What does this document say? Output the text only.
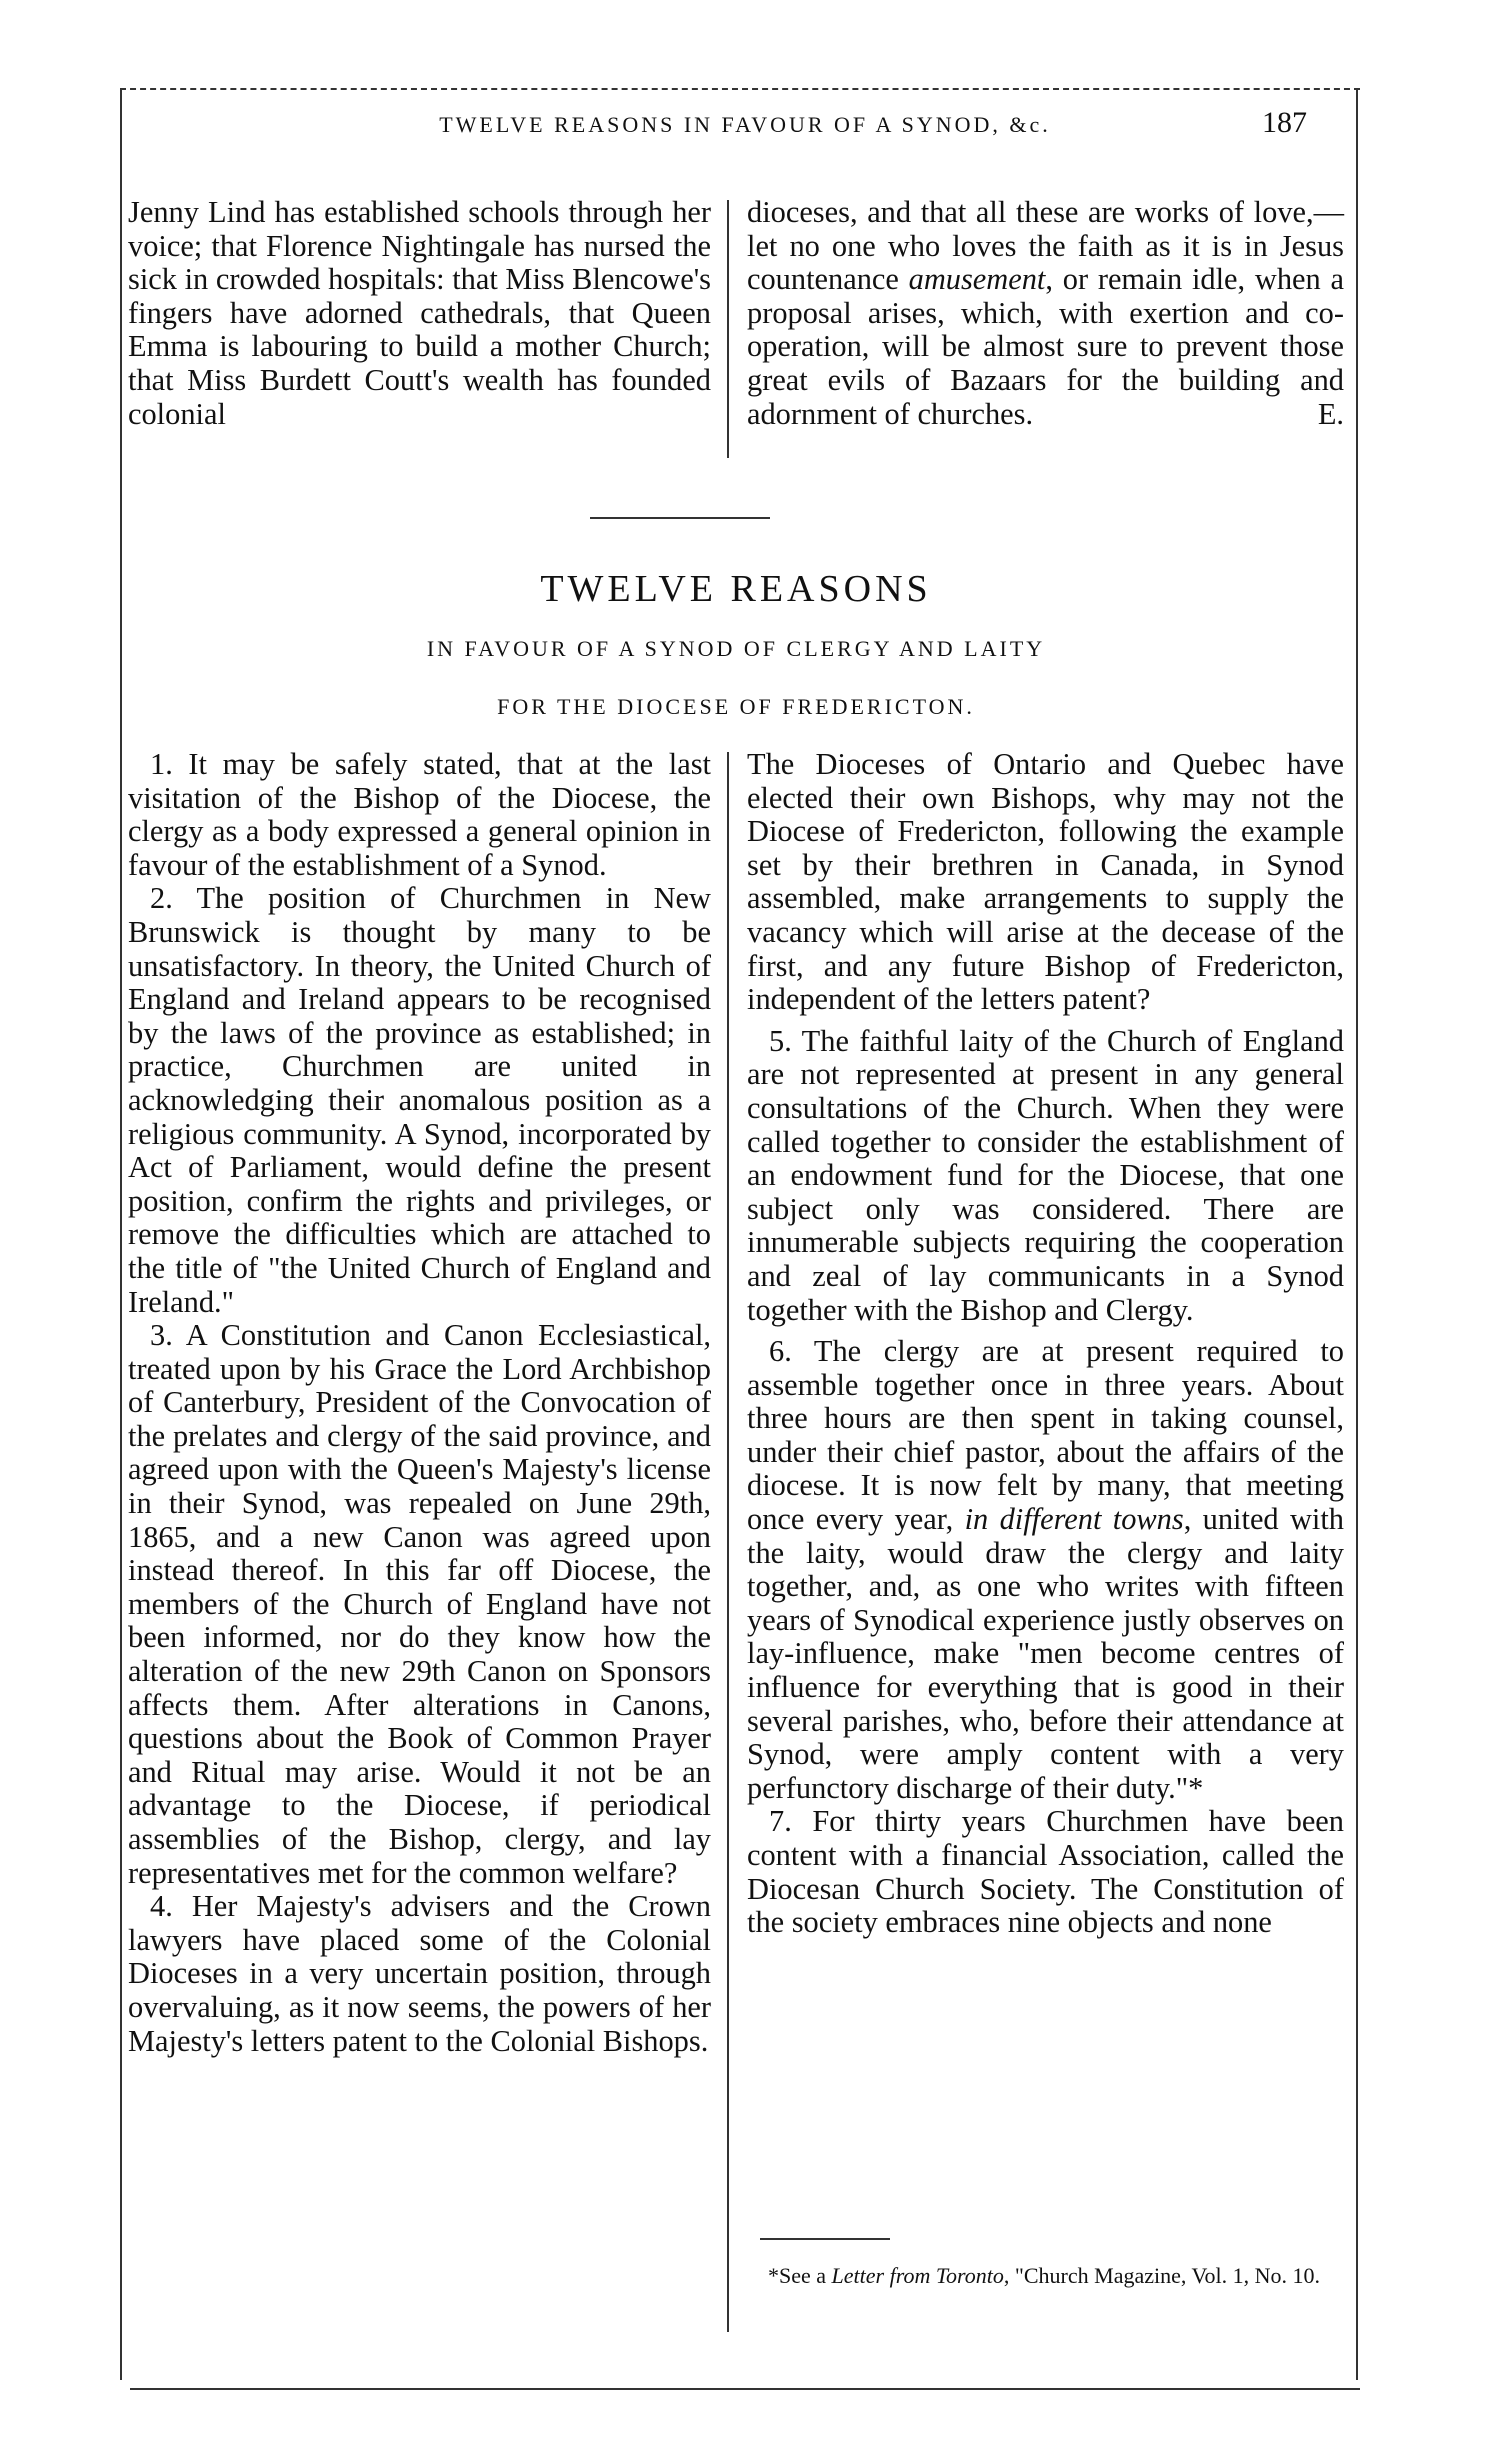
TWELVE REASONS IN FAVOUR OF A SYNOD, &c.	187

Jenny Lind has established schools through her voice; that Florence Nightingale has nursed the sick in crowded hospitals: that Miss Blencowe's fingers have adorned cathedrals, that Queen Emma is labouring to build a mother Church; that Miss Burdett Coutt's wealth has founded colonial

dioceses, and that all these are works of love,—let no one who loves the faith as it is in Jesus countenance amusement, or remain idle, when a proposal arises, which, with exertion and co-operation, will be almost sure to prevent those great evils of Bazaars for the building and adornment of churches.	E.

TWELVE REASONS
IN FAVOUR OF A SYNOD OF CLERGY AND LAITY
FOR THE DIOCESE OF FREDERICTON.

1. It may be safely stated, that at the last visitation of the Bishop of the Diocese, the clergy as a body expressed a general opinion in favour of the establishment of a Synod.

2. The position of Churchmen in New Brunswick is thought by many to be unsatisfactory. In theory, the United Church of England and Ireland appears to be recognised by the laws of the province as established; in practice, Churchmen are united in acknowledging their anomalous position as a religious community. A Synod, incorporated by Act of Parliament, would define the present position, confirm the rights and privileges, or remove the difficulties which are attached to the title of "the United Church of England and Ireland."

3. A Constitution and Canon Ecclesiastical, treated upon by his Grace the Lord Archbishop of Canterbury, President of the Convocation of the prelates and clergy of the said province, and agreed upon with the Queen's Majesty's license in their Synod, was repealed on June 29th, 1865, and a new Canon was agreed upon instead thereof. In this far off Diocese, the members of the Church of England have not been informed, nor do they know how the alteration of the new 29th Canon on Sponsors affects them. After alterations in Canons, questions about the Book of Common Prayer and Ritual may arise. Would it not be an advantage to the Diocese, if periodical assemblies of the Bishop, clergy, and lay representatives met for the common welfare?

4. Her Majesty's advisers and the Crown lawyers have placed some of the Colonial Dioceses in a very uncertain position, through overvaluing, as it now seems, the powers of her Majesty's letters patent to the Colonial Bishops.

The Dioceses of Ontario and Quebec have elected their own Bishops, why may not the Diocese of Fredericton, following the example set by their brethren in Canada, in Synod assembled, make arrangements to supply the vacancy which will arise at the decease of the first, and any future Bishop of Fredericton, independent of the letters patent?

5. The faithful laity of the Church of England are not represented at present in any general consultations of the Church. When they were called together to consider the establishment of an endowment fund for the Diocese, that one subject only was considered. There are innumerable subjects requiring the cooperation and zeal of lay communicants in a Synod together with the Bishop and Clergy.

6. The clergy are at present required to assemble together once in three years. About three hours are then spent in taking counsel, under their chief pastor, about the affairs of the diocese. It is now felt by many, that meeting once every year, in different towns, united with the laity, would draw the clergy and laity together, and, as one who writes with fifteen years of Synodical experience justly observes on lay-influence, make "men become centres of influence for everything that is good in their several parishes, who, before their attendance at Synod, were amply content with a very perfunctory discharge of their duty."*

7. For thirty years Churchmen have been content with a financial Association, called the Diocesan Church Society. The Constitution of the society embraces nine objects and none

*See a Letter from Toronto, "Church Magazine, Vol. 1, No. 10.
